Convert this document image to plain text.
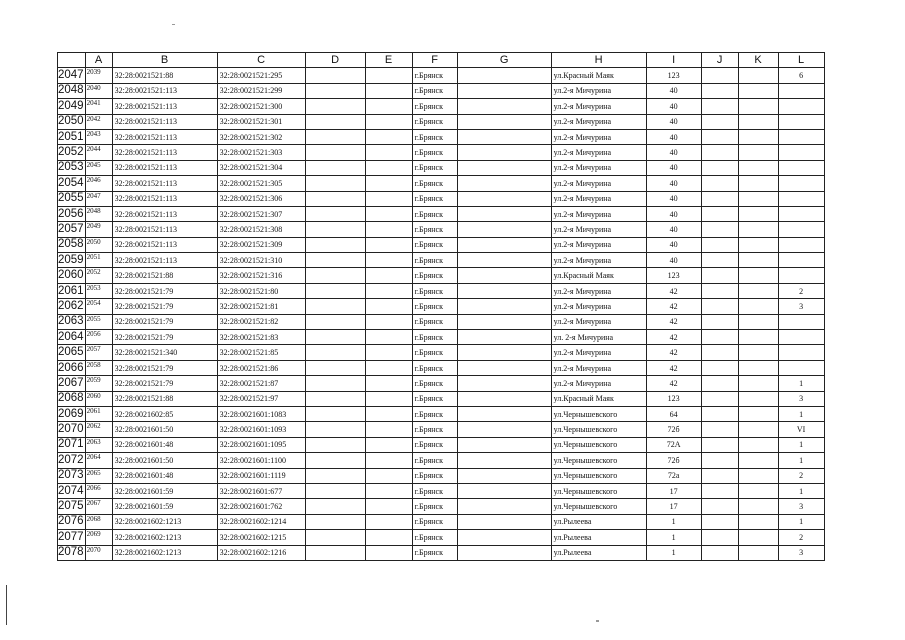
	A	B	C	D	E	F	G	H	I	J	K	L
2047	2039	32:28:0021521:88	32:28:0021521:295			г.Брянск		ул.Красный Маяк	123			6
2048	2040	32:28:0021521:113	32:28:0021521:299			г.Брянск		ул.2-я Мичурина	40			
2049	2041	32:28:0021521:113	32:28:0021521:300			г.Брянск		ул.2-я Мичурина	40			
2050	2042	32:28:0021521:113	32:28:0021521:301			г.Брянск		ул.2-я Мичурина	40			
2051	2043	32:28:0021521:113	32:28:0021521:302			г.Брянск		ул.2-я Мичурина	40			
2052	2044	32:28:0021521:113	32:28:0021521:303			г.Брянск		ул.2-я Мичурина	40			
2053	2045	32:28:0021521:113	32:28:0021521:304			г.Брянск		ул.2-я Мичурина	40			
2054	2046	32:28:0021521:113	32:28:0021521:305			г.Брянск		ул.2-я Мичурина	40			
2055	2047	32:28:0021521:113	32:28:0021521:306			г.Брянск		ул.2-я Мичурина	40			
2056	2048	32:28:0021521:113	32:28:0021521:307			г.Брянск		ул.2-я Мичурина	40			
2057	2049	32:28:0021521:113	32:28:0021521:308			г.Брянск		ул.2-я Мичурина	40			
2058	2050	32:28:0021521:113	32:28:0021521:309			г.Брянск		ул.2-я Мичурина	40			
2059	2051	32:28:0021521:113	32:28:0021521:310			г.Брянск		ул.2-я Мичурина	40			
2060	2052	32:28:0021521:88	32:28:0021521:316			г.Брянск		ул.Красный Маяк	123			
2061	2053	32:28:0021521:79	32:28:0021521:80			г.Брянск		ул.2-я Мичурина	42			2
2062	2054	32:28:0021521:79	32:28:0021521:81			г.Брянск		ул.2-я Мичурина	42			3
2063	2055	32:28:0021521:79	32:28:0021521:82			г.Брянск		ул.2-я Мичурина	42			
2064	2056	32:28:0021521:79	32:28:0021521:83			г.Брянск		ул. 2-я Мичурина	42			
2065	2057	32:28:0021521:340	32:28:0021521:85			г.Брянск		ул.2-я Мичурина	42			
2066	2058	32:28:0021521:79	32:28:0021521:86			г.Брянск		ул.2-я Мичурина	42			
2067	2059	32:28:0021521:79	32:28:0021521:87			г.Брянск		ул.2-я Мичурина	42			1
2068	2060	32:28:0021521:88	32:28:0021521:97			г.Брянск		ул.Красный Маяк	123			3
2069	2061	32:28:0021602:85	32:28:0021601:1083			г.Брянск		ул.Чернышевского	64			1
2070	2062	32:28:0021601:50	32:28:0021601:1093			г.Брянск		ул.Чернышевского	72б			VI
2071	2063	32:28:0021601:48	32:28:0021601:1095			г.Брянск		ул.Чернышевского	72А			1
2072	2064	32:28:0021601:50	32:28:0021601:1100			г.Брянск		ул.Чернышевского	72б			1
2073	2065	32:28:0021601:48	32:28:0021601:1119			г.Брянск		ул.Чернышевского	72а			2
2074	2066	32:28:0021601:59	32:28:0021601:677			г.Брянск		ул.Чернышевского	17			1
2075	2067	32:28:0021601:59	32:28:0021601:762			г.Брянск		ул.Чернышевского	17			3
2076	2068	32:28:0021602:1213	32:28:0021602:1214			г.Брянск		ул.Рылеева	1			1
2077	2069	32:28:0021602:1213	32:28:0021602:1215			г.Брянск		ул.Рылеева	1			2
2078	2070	32:28:0021602:1213	32:28:0021602:1216			г.Брянск		ул.Рылеева	1			3
